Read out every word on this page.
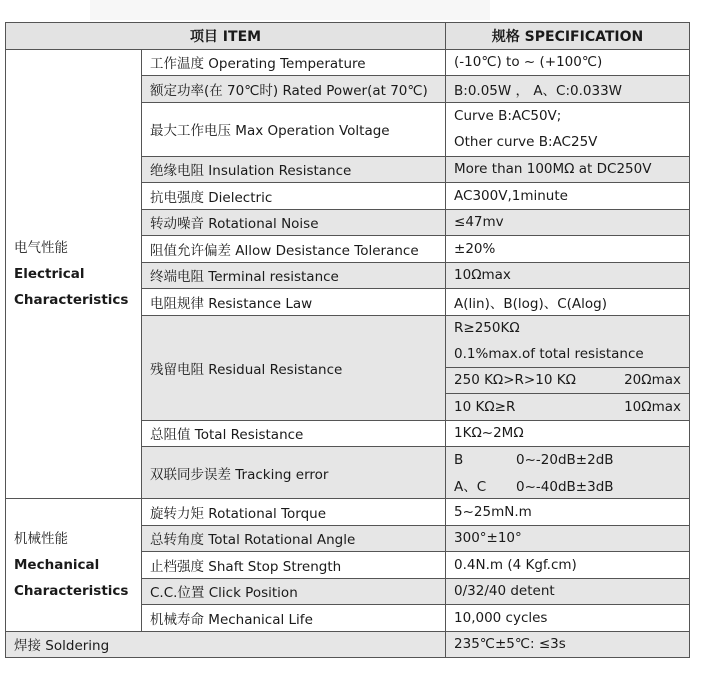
项目 ITEM		规格 SPECIFICATION

电气性能
Electrical
Characteristics	工作温度 Operating Temperature	(-10℃) to ~ (+100℃)
	额定功率(在 70℃时) Rated Power(at 70℃)	B:0.05W ， A、C:0.033W
	最大工作电压 Max Operation Voltage	Curve B:AC50V;
Other curve B:AC25V

	绝缘电阻 Insulation Resistance	More than 100MΩ at DC250V
	抗电强度 Dielectric	AC300V,1minute
	转动噪音 Rotational Noise	≤47mv
	阻值允许偏差 Allow Desistance Tolerance	±20%
	终端电阻 Terminal resistance	10Ωmax
	电阻规律 Resistance Law	A(lin)、B(log)、C(Alog)
	残留电阻 Residual Resistance	R≥250KΩ
		0.1%max.of total resistance

		250 KΩ>R>10 KΩ 20Ωmax

		10 KΩ≥R 10Ωmax

	总阻值 Total Resistance	1KΩ~2MΩ
	双联同步误差 Tracking error	B 0~-20dB±2dB
		A、C 0~-40dB±3dB

机械性能
Mechanical
Characteristics	旋转力矩 Rotational Torque	5~25mN.m
	总转角度 Total Rotational Angle	300°±10°
	止档强度 Shaft Stop Strength	0.4N.m (4 Kgf.cm)
	C.C.位置 Click Position	0/32/40 detent
	机械寿命 Mechanical Life	10,000 cycles
焊接 Soldering		235℃±5℃: ≤3s
